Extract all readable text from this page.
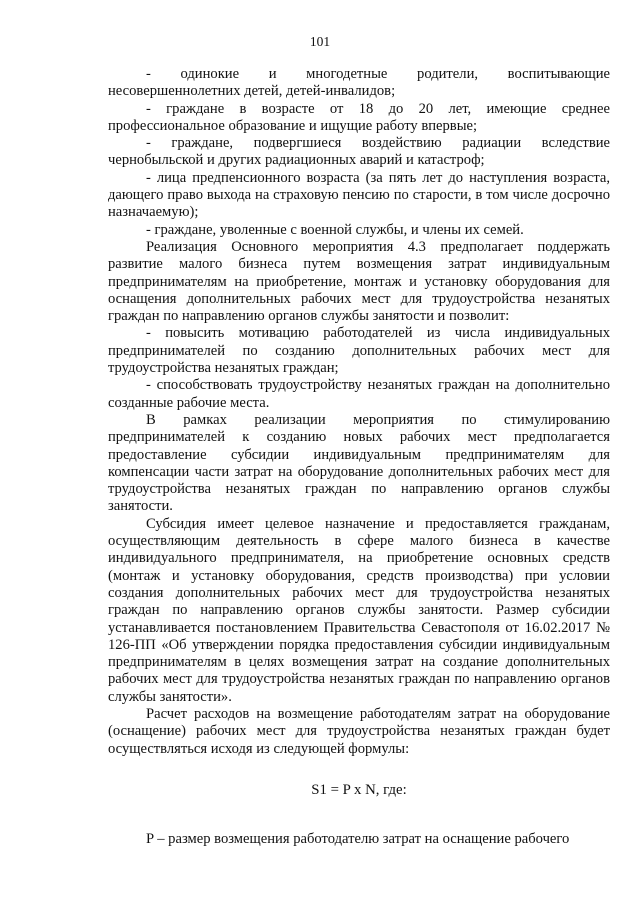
101

- одинокие и многодетные родители, воспитывающие несовершеннолетних детей, детей-инвалидов;

- граждане в возрасте от 18 до 20 лет, имеющие среднее профессиональное образование и ищущие работу впервые;

- граждане, подвергшиеся воздействию радиации вследствие чернобыльской и других радиационных аварий и катастроф;

- лица предпенсионного возраста (за пять лет до наступления возраста, дающего право выхода на страховую пенсию по старости, в том числе досрочно назначаемую);

- граждане, уволенные с военной службы, и члены их семей.

Реализация Основного мероприятия 4.3 предполагает поддержать развитие малого бизнеса путем возмещения затрат индивидуальным предпринимателям на приобретение, монтаж и установку оборудования для оснащения дополнительных рабочих мест для трудоустройства незанятых граждан по направлению органов службы занятости и позволит:

- повысить мотивацию работодателей из числа индивидуальных предпринимателей по созданию дополнительных рабочих мест для трудоустройства незанятых граждан;

- способствовать трудоустройству незанятых граждан на дополнительно созданные рабочие места.

В рамках реализации мероприятия по стимулированию предпринимателей к созданию новых рабочих мест предполагается предоставление субсидии индивидуальным предпринимателям для компенсации части затрат на оборудование дополнительных рабочих мест для трудоустройства незанятых граждан по направлению органов службы занятости.

Субсидия имеет целевое назначение и предоставляется гражданам, осуществляющим деятельность в сфере малого бизнеса в качестве индивидуального предпринимателя, на приобретение основных средств (монтаж и установку оборудования, средств производства) при условии создания дополнительных рабочих мест для трудоустройства незанятых граждан по направлению органов службы занятости. Размер субсидии устанавливается постановлением Правительства Севастополя от 16.02.2017 № 126-ПП «Об утверждении порядка предоставления субсидии индивидуальным предпринимателям в целях возмещения затрат на создание дополнительных рабочих мест для трудоустройства незанятых граждан по направлению органов службы занятости».

Расчет расходов на возмещение работодателям затрат на оборудование (оснащение) рабочих мест для трудоустройства незанятых граждан будет осуществляться исходя из следующей формулы:

S1 = P x N, где:

P – размер возмещения работодателю затрат на оснащение рабочего
